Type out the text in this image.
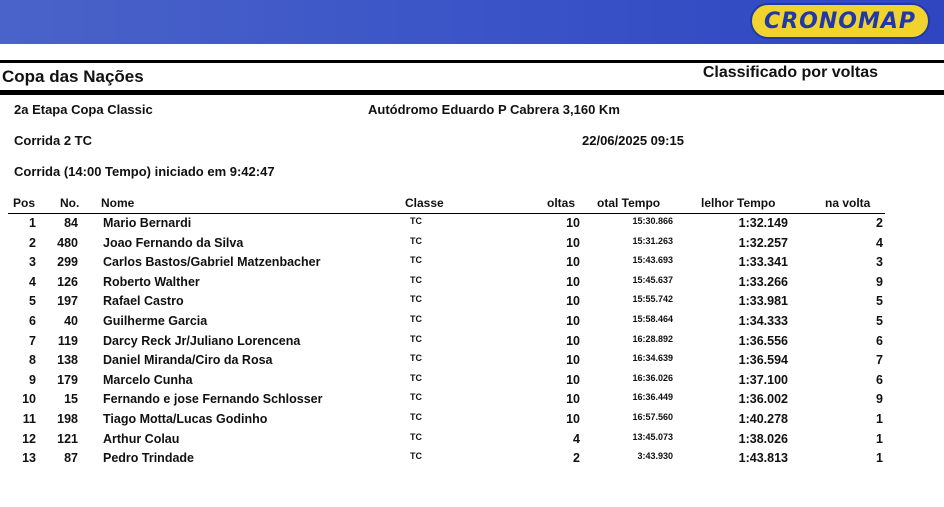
CRONOMAP
Copa das Nações	Classificado por voltas
2a Etapa Copa Classic	Autódromo Eduardo P Cabrera 3,160 Km
Corrida 2 TC	22/06/2025 09:15
Corrida (14:00 Tempo) iniciado em 9:42:47
Pos No. Nome	Classe	oltas otal Tempo	lelhor Tempo	na volta
1	84 Mario Bernardi	TC	10	15:30.866	1:32.149	2
2	480 Joao Fernando da Silva	TC	10	15:31.263	1:32.257	4
3	299 Carlos Bastos/Gabriel Matzenbacher	TC	10	15:43.693	1:33.341	3
4	126 Roberto Walther	TC	10	15:45.637	1:33.266	9
5	197 Rafael Castro	TC	10	15:55.742	1:33.981	5
6	40 Guilherme Garcia	TC	10	15:58.464	1:34.333	5
7	119 Darcy Reck Jr/Juliano Lorencena	TC	10	16:28.892	1:36.556	6
8	138 Daniel Miranda/Ciro da Rosa	TC	10	16:34.639	1:36.594	7
9	179 Marcelo Cunha	TC	10	16:36.026	1:37.100	6
10	15 Fernando e jose Fernando Schlosser	TC	10	16:36.449	1:36.002	9
11	198 Tiago Motta/Lucas Godinho	TC	10	16:57.560	1:40.278	1
12	121 Arthur Colau	TC	4	13:45.073	1:38.026	1
13	87 Pedro Trindade	TC	2	3:43.930	1:43.813	1
